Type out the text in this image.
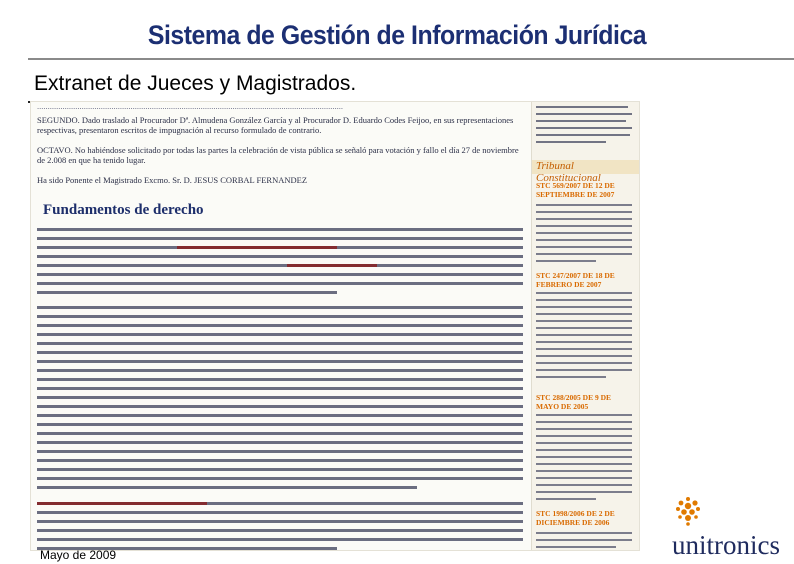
Sistema de Gestión de Información Jurídica
Extranet de Jueces y Magistrados.
................................................................................................................................................
SEGUNDO. Dado traslado al Procurador Dª. Almudena González García y al Procurador D. Eduardo Codes Feijoo, en sus representaciones respectivas, presentaron escritos de impugnación al recurso formulado de contrario.
OCTAVO. No habiéndose solicitado por todas las partes la celebración de vista pública se señaló para votación y fallo el día 27 de noviembre de 2.008 en que ha tenido lugar.
Ha sido Ponente el Magistrado Excmo. Sr. D. JESUS CORBAL FERNANDEZ
Fundamentos de derecho
Tribunal Constitucional
STC 569/2007 DE 12 DE SEPTIEMBRE DE 2007
STC 247/2007 DE 18 DE FEBRERO DE 2007
STC 288/2005 DE 9 DE MAYO DE 2005
STC 1998/2006 DE 2 DE DICIEMBRE DE 2006
Mayo de 2009	unitronics
